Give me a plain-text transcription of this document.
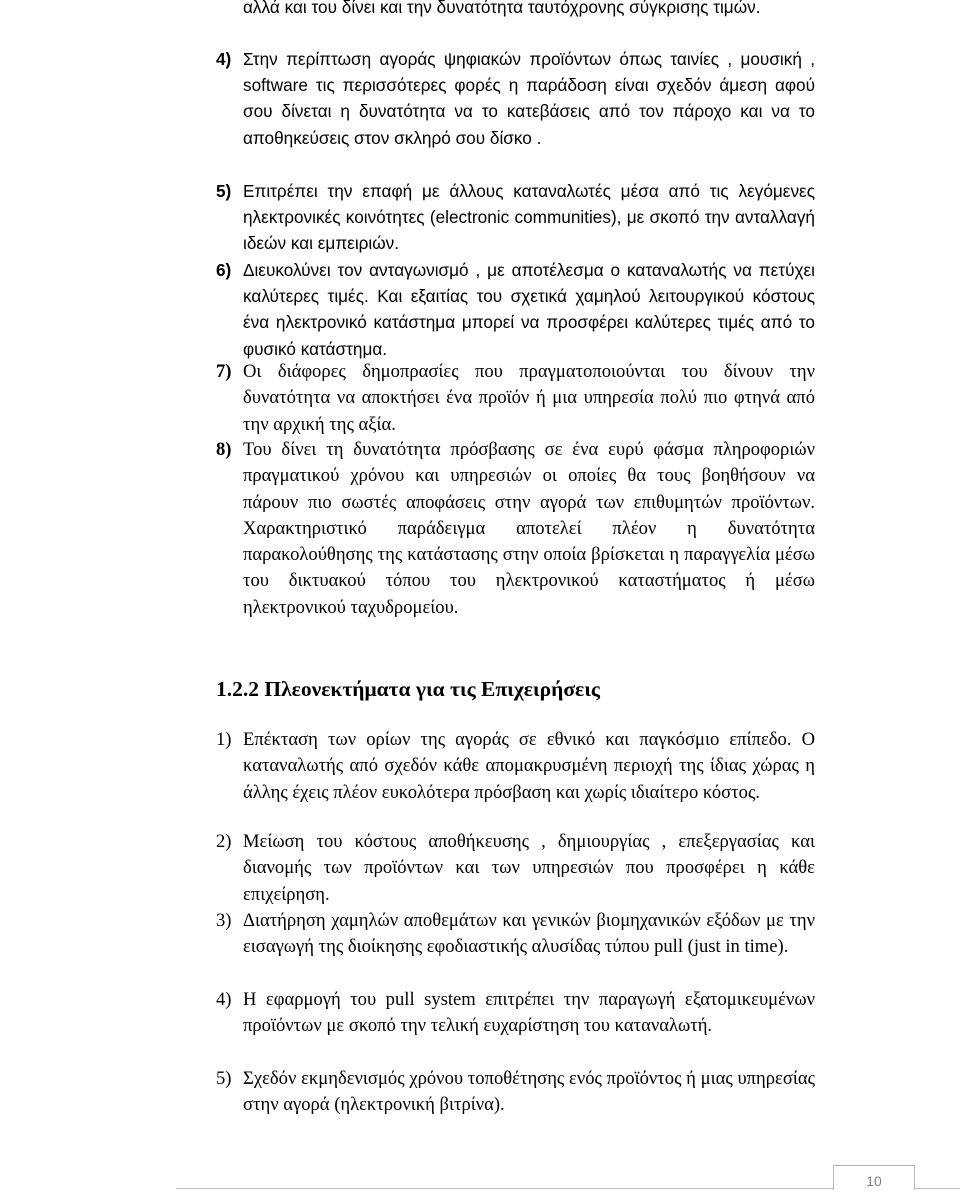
αλλά και του δίνει και την δυνατότητα ταυτόχρονης σύγκρισης τιμών.

4) Στην περίπτωση αγοράς ψηφιακών προϊόντων όπως ταινίες , μουσική , software τις περισσότερες φορές η παράδοση είναι σχεδόν άμεση αφού σου δίνεται η δυνατότητα να το κατεβάσεις από τον πάροχο και να το αποθηκεύσεις στον σκληρό σου δίσκο .

5) Επιτρέπει την επαφή με άλλους καταναλωτές μέσα από τις λεγόμενες ηλεκτρονικές κοινότητες (electronic communities), με σκοπό την ανταλλαγή ιδεών και εμπειριών.

6) Διευκολύνει τον ανταγωνισμό , με αποτέλεσμα ο καταναλωτής να πετύχει καλύτερες τιμές. Και εξαιτίας του σχετικά χαμηλού λειτουργικού κόστους ένα ηλεκτρονικό κατάστημα μπορεί να προσφέρει καλύτερες τιμές από το φυσικό κατάστημα.

7) Οι διάφορες δημοπρασίες που πραγματοποιούνται του δίνουν την δυνατότητα να αποκτήσει ένα προϊόν ή μια υπηρεσία πολύ πιο φτηνά από την αρχική της αξία.

8) Του δίνει τη δυνατότητα πρόσβασης σε ένα ευρύ φάσμα πληροφοριών πραγματικού χρόνου και υπηρεσιών οι οποίες θα τους βοηθήσουν να πάρουν πιο σωστές αποφάσεις στην αγορά των επιθυμητών προϊόντων. Χαρακτηριστικό παράδειγμα αποτελεί πλέον η δυνατότητα παρακολούθησης της κατάστασης στην οποία βρίσκεται η παραγγελία μέσω του δικτυακού τόπου του ηλεκτρονικού καταστήματος ή μέσω ηλεκτρονικού ταχυδρομείου.

1.2.2 Πλεονεκτήματα για τις Επιχειρήσεις

1) Επέκταση των ορίων της αγοράς σε εθνικό και παγκόσμιο επίπεδο. Ο καταναλωτής από σχεδόν κάθε απομακρυσμένη περιοχή της ίδιας χώρας η άλλης έχεις πλέον ευκολότερα πρόσβαση και χωρίς ιδιαίτερο κόστος.

2) Μείωση του κόστους αποθήκευσης , δημιουργίας , επεξεργασίας και διανομής των προϊόντων και των υπηρεσιών που προσφέρει η κάθε επιχείρηση.

3) Διατήρηση χαμηλών αποθεμάτων και γενικών βιομηχανικών εξόδων με την εισαγωγή της διοίκησης εφοδιαστικής αλυσίδας τύπου pull (just in time).

4) Η εφαρμογή του pull system επιτρέπει την παραγωγή εξατομικευμένων προϊόντων με σκοπό την τελική ευχαρίστηση του καταναλωτή.

5) Σχεδόν εκμηδενισμός χρόνου τοποθέτησης ενός προϊόντος ή μιας υπηρεσίας στην αγορά (ηλεκτρονική βιτρίνα).

10
